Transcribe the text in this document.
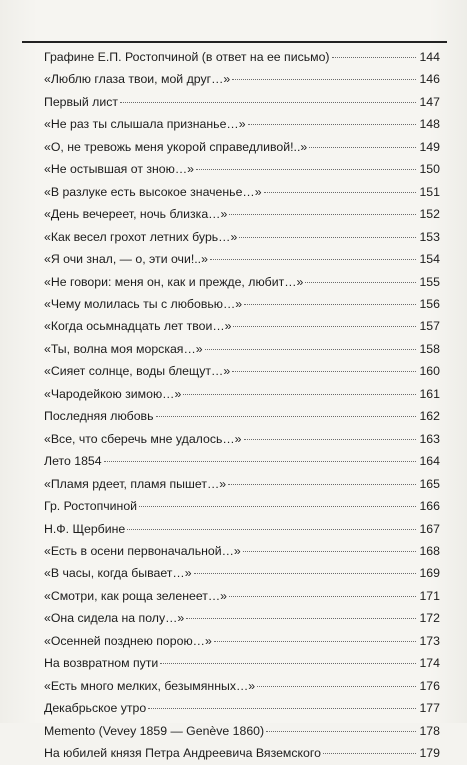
Графине Е.П. Ростопчиной (в ответ на ее письмо)	144
«Люблю глаза твои, мой друг…»	146
Первый лист	147
«Не раз ты слышала признанье…»	148
«О, не тревожь меня укорой справедливой!..»	149
«Не остывшая от зною…»	150
«В разлуке есть высокое значенье…»	151
«День вечереет, ночь близка…»	152
«Как весел грохот летних бурь…»	153
«Я очи знал, — о, эти очи!..»	154
«Не говори: меня он, как и прежде, любит…»	155
«Чему молилась ты с любовью…»	156
«Когда осьмнадцать лет твои…»	157
«Ты, волна моя морская…»	158
«Сияет солнце, воды блещут…»	160
«Чародейкою зимою…»	161
Последняя любовь	162
«Все, что сберечь мне удалось…»	163
Лето 1854	164
«Пламя рдеет, пламя пышет…»	165
Гр. Ростопчиной	166
Н.Ф. Щербине	167
«Есть в осени первоначальной…»	168
«В часы, когда бывает…»	169
«Смотри, как роща зеленеет…»	171
«Она сидела на полу…»	172
«Осенней позднею порою…»	173
На возвратном пути	174
«Есть много мелких, безымянных…»	176
Декабрьское утро	177
Memento (Vevey 1859 — Genève 1860)	178
На юбилей князя Петра Андреевича Вяземского	179
